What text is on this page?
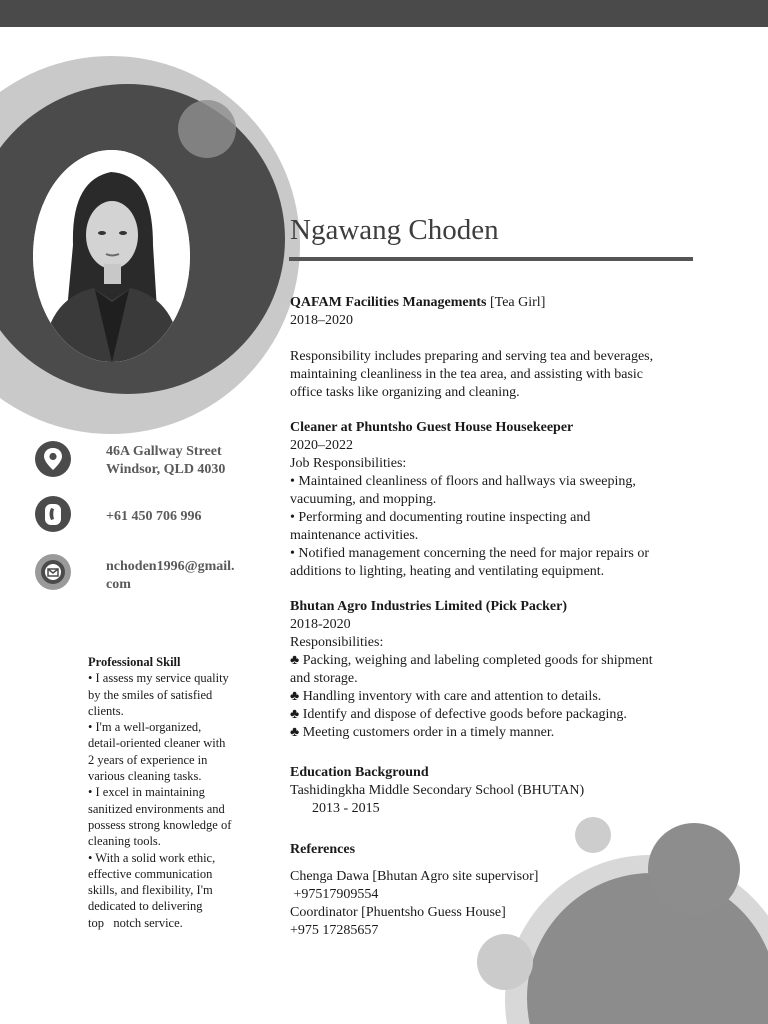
Ngawang Choden
46A Gallway Street
Windsor, QLD 4030
+61 450 706 996
nchoden1996@gmail.
com
Professional Skill
• I assess my service quality
by the smiles of satisfied
clients.
• I'm a well-organized,
detail-oriented cleaner with
2 years of experience in
various cleaning tasks.
• I excel in maintaining
sanitized environments and
possess strong knowledge of
cleaning tools.
• With a solid work ethic,
effective communication
skills, and flexibility, I'm
dedicated to delivering
top   notch service.
QAFAM Facilities Managements [Tea Girl]
2018–2020
Responsibility includes preparing and serving tea and beverages,
maintaining cleanliness in the tea area, and assisting with basic
office tasks like organizing and cleaning.
Cleaner at Phuntsho Guest House Housekeeper
2020–2022
Job Responsibilities:
• Maintained cleanliness of floors and hallways via sweeping,
vacuuming, and mopping.
• Performing and documenting routine inspecting and
maintenance activities.
• Notified management concerning the need for major repairs or
additions to lighting, heating and ventilating equipment.
Bhutan Agro Industries Limited (Pick Packer)
2018-2020
Responsibilities:
♣ Packing, weighing and labeling completed goods for shipment
and storage.
♣ Handling inventory with care and attention to details.
♣ Identify and dispose of defective goods before packaging.
♣ Meeting customers order in a timely manner.
Education Background
Tashidingkha Middle Secondary School (BHUTAN)
2013 - 2015
References
Chenga Dawa [Bhutan Agro site supervisor]
+97517909554
Coordinator [Phuentsho Guess House]
+975 17285657
